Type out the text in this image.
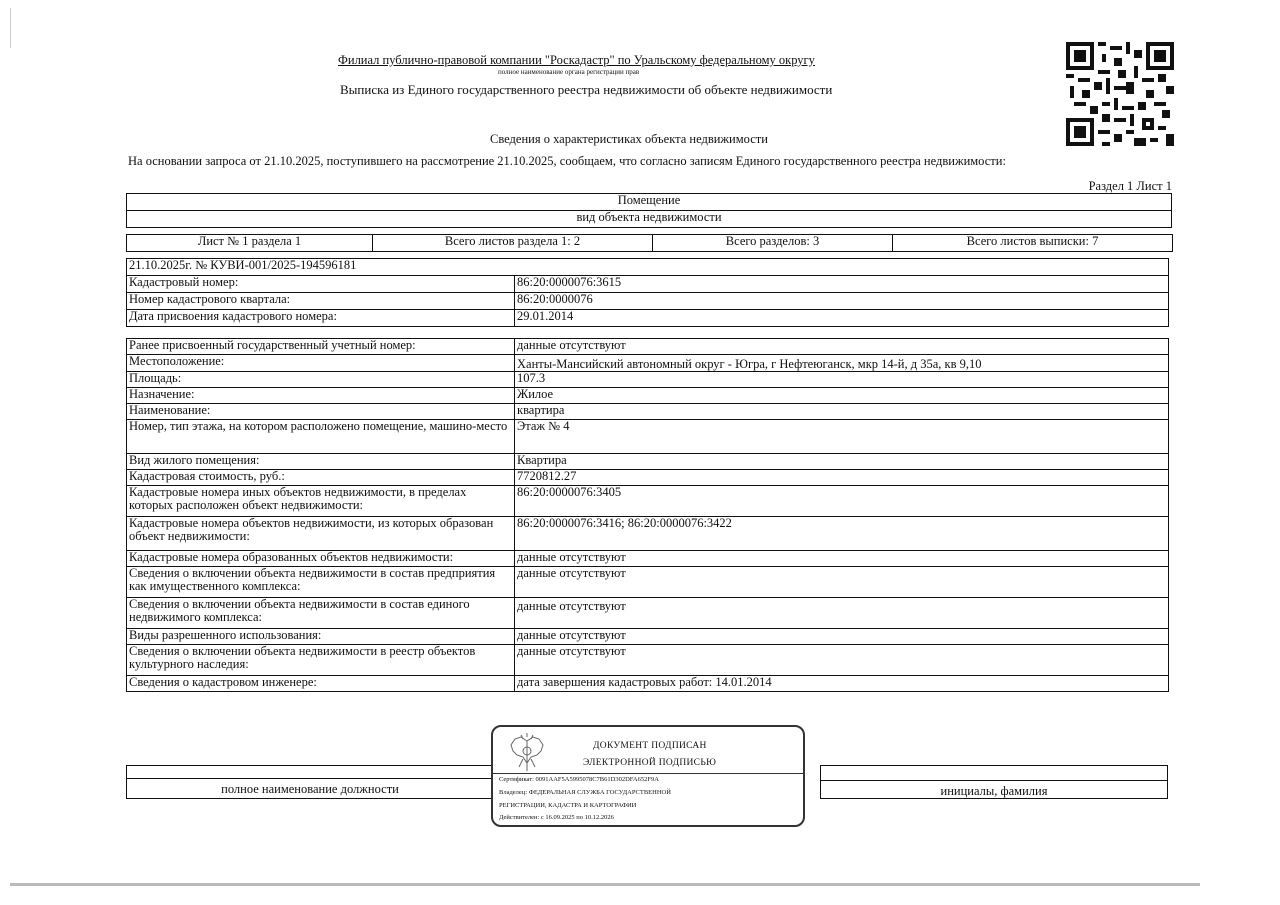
Филиал публично-правовой компании "Роскадастр" по Уральскому федеральному округу
полное наименование органа регистрации прав
Выписка из Единого государственного реестра недвижимости об объекте недвижимости
Сведения о характеристиках объекта недвижимости
На основании запроса от 21.10.2025, поступившего на рассмотрение 21.10.2025, сообщаем, что согласно записям Единого государственного реестра недвижимости:
Раздел 1 Лист 1
Помещение
вид объекта недвижимости
Лист № 1 раздела 1	Всего листов раздела 1: 2	Всего разделов: 3	Всего листов выписки: 7
21.10.2025г. № КУВИ-001/2025-194596181	
Кадастровый номер:	86:20:0000076:3615
Номер кадастрового квартала:	86:20:0000076
Дата присвоения кадастрового номера:	29.01.2014
Ранее присвоенный государственный учетный номер:	данные отсутствуют
Местоположение:	Ханты-Мансийский автономный округ - Югра, г Нефтеюганск, мкр 14-й, д 35а, кв 9,10
Площадь:	107.3
Назначение:	Жилое
Наименование:	квартира
Номер, тип этажа, на котором расположено помещение, машино-место	Этаж № 4
Вид жилого помещения:	Квартира
Кадастровая стоимость, руб.:	7720812.27
Кадастровые номера иных объектов недвижимости, в пределах которых расположен объект недвижимости:	86:20:0000076:3405
Кадастровые номера объектов недвижимости, из которых образован объект недвижимости:	86:20:0000076:3416; 86:20:0000076:3422
Кадастровые номера образованных объектов недвижимости:	данные отсутствуют
Сведения о включении объекта недвижимости в состав предприятия как имущественного комплекса:	данные отсутствуют
Сведения о включении объекта недвижимости в состав единого недвижимого комплекса:	данные отсутствуют
Виды разрешенного использования:	данные отсутствуют
Сведения о включении объекта недвижимости в реестр объектов культурного наследия:	данные отсутствуют
Сведения о кадастровом инженере:	дата завершения кадастровых работ: 14.01.2014
полное наименование должности	инициалы, фамилия
ДОКУМЕНТ ПОДПИСАН
ЭЛЕКТРОННОЙ ПОДПИСЬЮ
Сертификат: 0091AAF5A5995078C7B61D302DFA652F9A
Владелец: ФЕДЕРАЛЬНАЯ СЛУЖБА ГОСУДАРСТВЕННОЙ
РЕГИСТРАЦИИ, КАДАСТРА И КАРТОГРАФИИ
Действителен: с 16.09.2025 по 10.12.2026
